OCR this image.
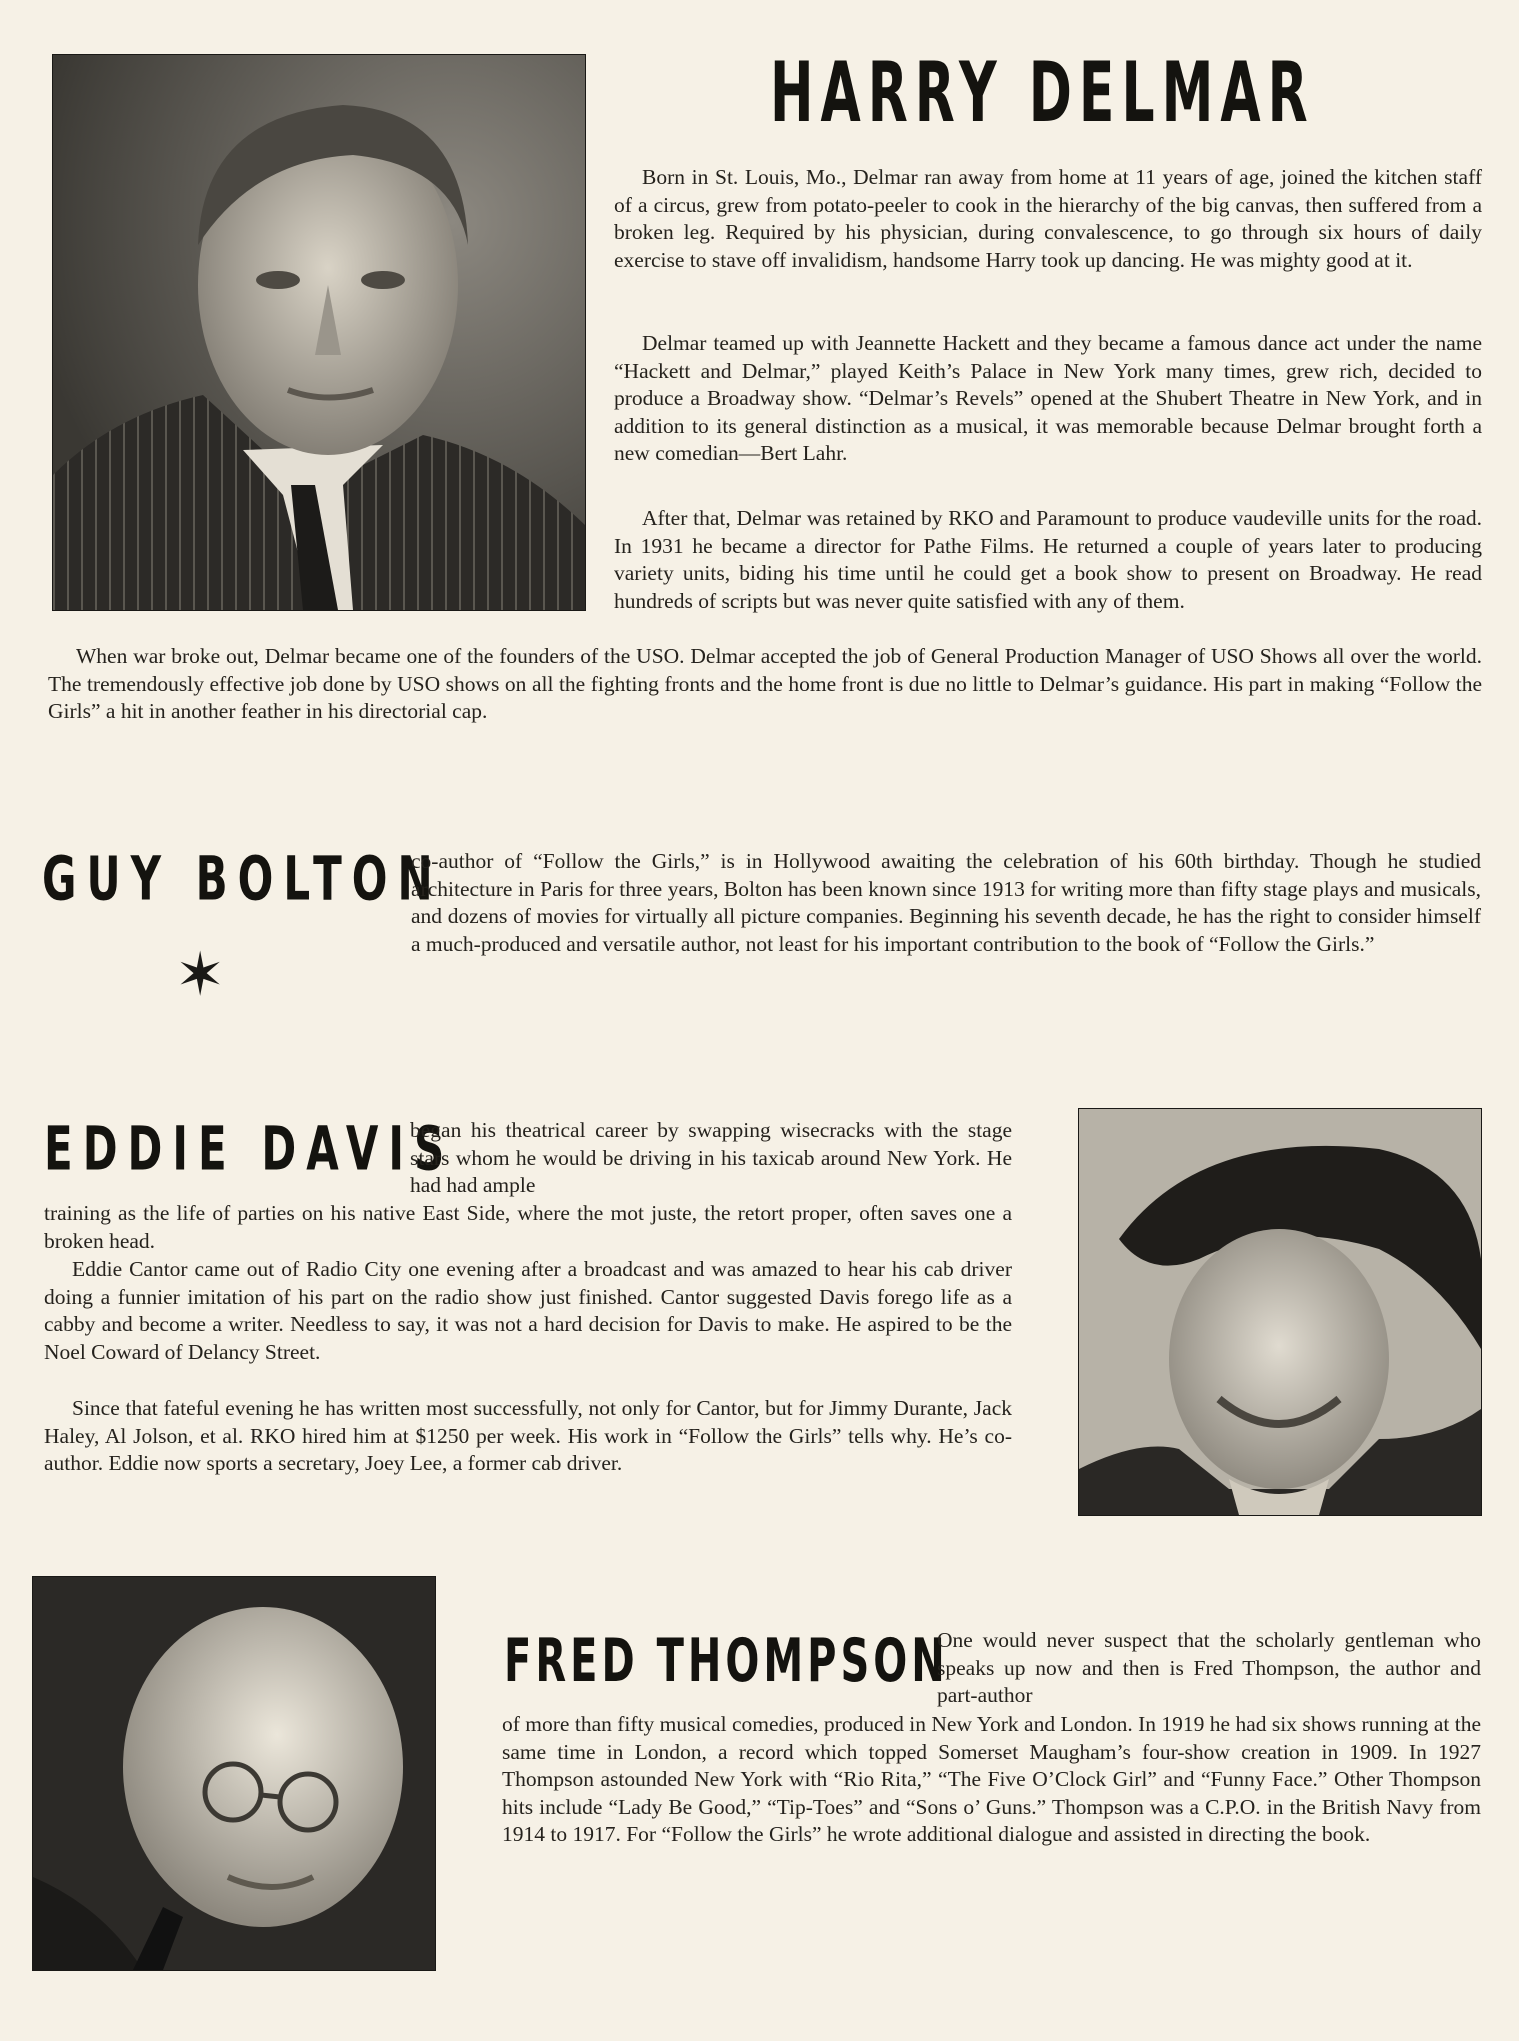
HARRY DELMAR

Born in St. Louis, Mo., Delmar ran away from home at 11 years of age, joined the kitchen staff of a circus, grew from potato-peeler to cook in the hierarchy of the big canvas, then suffered from a broken leg. Required by his physician, during convalescence, to go through six hours of daily exercise to stave off invalidism, handsome Harry took up dancing. He was mighty good at it.

Delmar teamed up with Jeannette Hackett and they became a famous dance act under the name “Hackett and Delmar,” played Keith’s Palace in New York many times, grew rich, decided to produce a Broadway show. “Delmar’s Revels” opened at the Shubert Theatre in New York, and in addition to its general distinction as a musical, it was memorable because Delmar brought forth a new comedian—Bert Lahr.

After that, Delmar was retained by RKO and Paramount to produce vaudeville units for the road. In 1931 he became a director for Pathe Films. He returned a couple of years later to producing variety units, biding his time until he could get a book show to present on Broadway. He read hundreds of scripts but was never quite satisfied with any of them.

When war broke out, Delmar became one of the founders of the USO. Delmar accepted the job of General Production Manager of USO Shows all over the world. The tremendously effective job done by USO shows on all the fighting fronts and the home front is due no little to Delmar’s guidance. His part in making “Follow the Girls” a hit in another feather in his directorial cap.

GUY BOLTON
✶

co-author of “Follow the Girls,” is in Hollywood awaiting the celebration of his 60th birthday. Though he studied architecture in Paris for three years, Bolton has been known since 1913 for writing more than fifty stage plays and musicals, and dozens of movies for virtually all picture companies. Beginning his seventh decade, he has the right to consider himself a much-produced and versatile author, not least for his important contribution to the book of “Follow the Girls.”

EDDIE DAVIS

began his theatrical career by swapping wisecracks with the stage stars whom he would be driving in his taxicab around New York. He had had ample

training as the life of parties on his native East Side, where the mot juste, the retort proper, often saves one a broken head.

Eddie Cantor came out of Radio City one evening after a broadcast and was amazed to hear his cab driver doing a funnier imitation of his part on the radio show just finished. Cantor suggested Davis forego life as a cabby and become a writer. Needless to say, it was not a hard decision for Davis to make. He aspired to be the Noel Coward of Delancy Street.

Since that fateful evening he has written most successfully, not only for Cantor, but for Jimmy Durante, Jack Haley, Al Jolson, et al. RKO hired him at $1250 per week. His work in “Follow the Girls” tells why. He’s co-author. Eddie now sports a secretary, Joey Lee, a former cab driver.

FRED THOMPSON

One would never suspect that the scholarly gentleman who speaks up now and then is Fred Thompson, the author and part-author

of more than fifty musical comedies, produced in New York and London. In 1919 he had six shows running at the same time in London, a record which topped Somerset Maugham’s four-show creation in 1909. In 1927 Thompson astounded New York with “Rio Rita,” “The Five O’Clock Girl” and “Funny Face.” Other Thompson hits include “Lady Be Good,” “Tip-Toes” and “Sons o’ Guns.” Thompson was a C.P.O. in the British Navy from 1914 to 1917. For “Follow the Girls” he wrote additional dialogue and assisted in directing the book.
